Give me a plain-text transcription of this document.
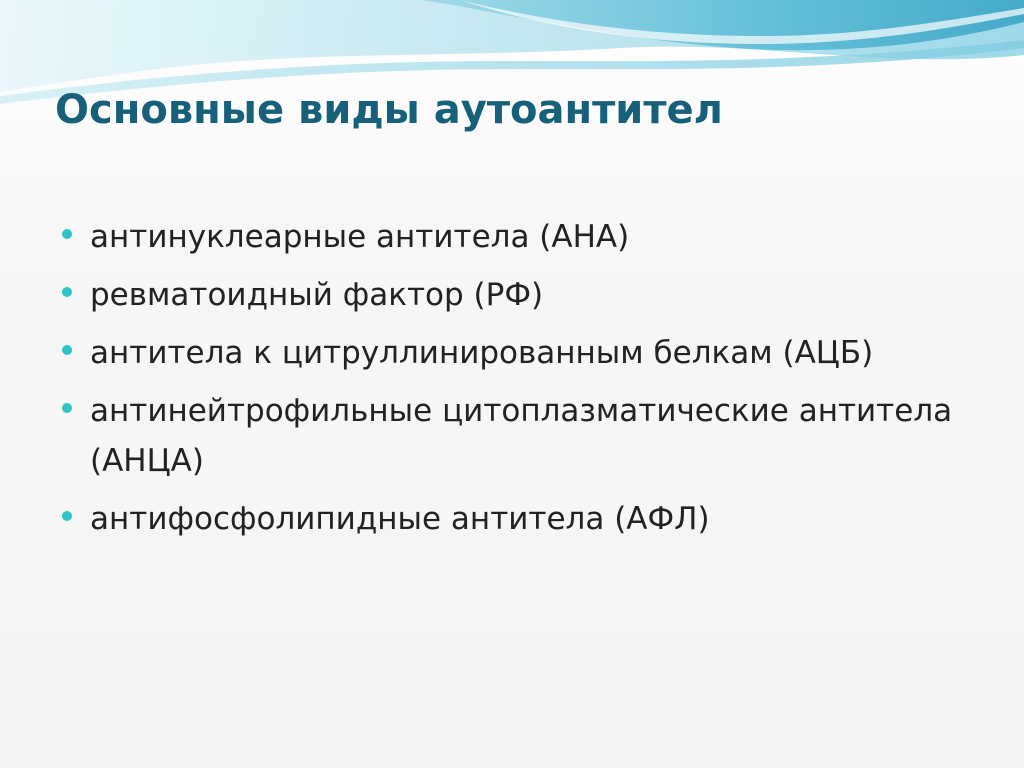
Основные виды аутоантител
антинуклеарные антитела (АНА)
ревматоидный фактор (РФ)
антитела к цитруллинированным белкам (АЦБ)
антинейтрофильные цитоплазматические антитела (АНЦА)
антифосфолипидные антитела (АФЛ)
